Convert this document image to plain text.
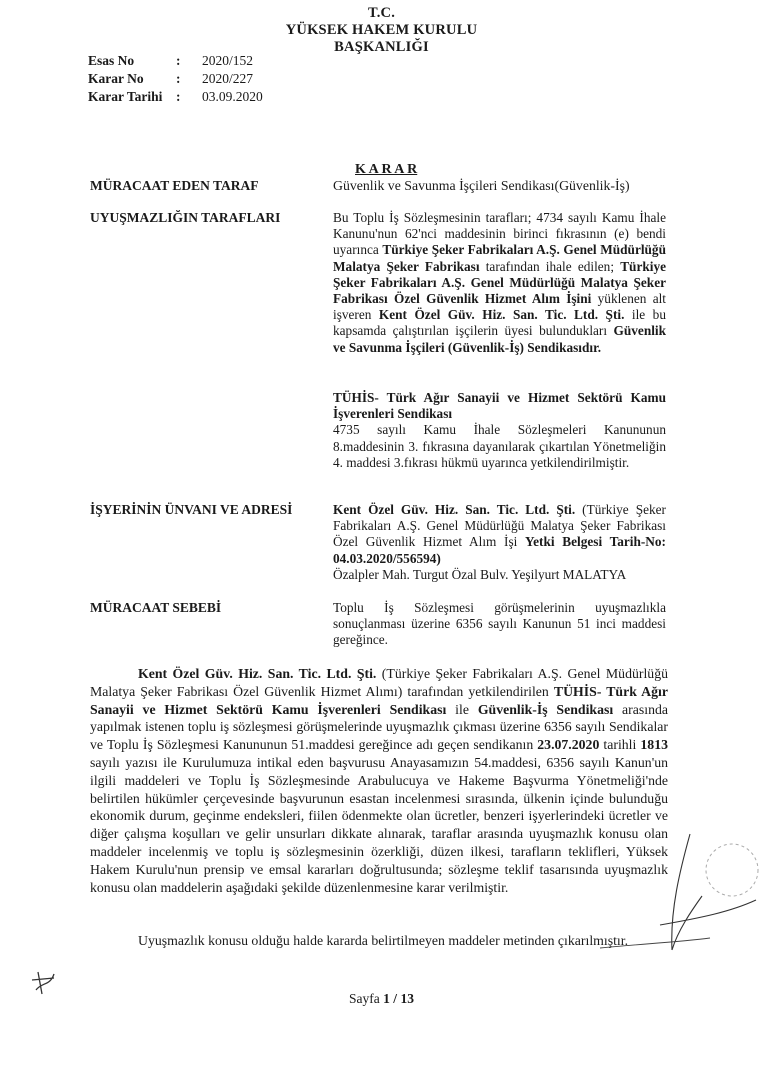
T.C.
YÜKSEK HAKEM KURULU
BAŞKANLIĞI
Esas No	: 2020/152
Karar No : 2020/227
Karar Tarihi : 03.09.2020
K A R A R
MÜRACAAT EDEN TARAF	Güvenlik ve Savunma İşçileri Sendikası(Güvenlik-İş)
UYUŞMAZLIĞIN TARAFLARI	Bu Toplu İş Sözleşmesinin tarafları; 4734 sayılı Kamu İhale Kanunu'nun 62'nci maddesinin birinci fıkrasının (e) bendi uyarınca Türkiye Şeker Fabrikaları A.Ş. Genel Müdürlüğü Malatya Şeker Fabrikası tarafından ihale edilen; Türkiye Şeker Fabrikaları A.Ş. Genel Müdürlüğü Malatya Şeker Fabrikası Özel Güvenlik Hizmet Alım İşini yüklenen alt işveren Kent Özel Güv. Hiz. San. Tic. Ltd. Şti. ile bu kapsamda çalıştırılan işçilerin üyesi bulundukları Güvenlik ve Savunma İşçileri (Güvenlik-İş) Sendikasıdır.
TÜHİS- Türk Ağır Sanayii ve Hizmet Sektörü Kamu İşverenleri Sendikası
4735 sayılı Kamu İhale Sözleşmeleri Kanununun 8.maddesinin 3. fıkrasına dayanılarak çıkartılan Yönetmeliğin 4. maddesi 3.fıkrası hükmü uyarınca yetkilendirilmiştir.
İŞYERİNİN ÜNVANI VE ADRESİ	Kent Özel Güv. Hiz. San. Tic. Ltd. Şti. (Türkiye Şeker Fabrikaları A.Ş. Genel Müdürlüğü Malatya Şeker Fabrikası Özel Güvenlik Hizmet Alım İşi Yetki Belgesi Tarih-No: 04.03.2020/556594)
Özalpler Mah. Turgut Özal Bulv. Yeşilyurt MALATYA
MÜRACAAT SEBEBİ	Toplu İş Sözleşmesi görüşmelerinin uyuşmazlıkla sonuçlanması üzerine 6356 sayılı Kanunun 51 inci maddesi gereğince.
Kent Özel Güv. Hiz. San. Tic. Ltd. Şti. (Türkiye Şeker Fabrikaları A.Ş. Genel Müdürlüğü Malatya Şeker Fabrikası Özel Güvenlik Hizmet Alımı) tarafından yetkilendirilen TÜHİS- Türk Ağır Sanayii ve Hizmet Sektörü Kamu İşverenleri Sendikası ile Güvenlik-İş Sendikası arasında yapılmak istenen toplu iş sözleşmesi görüşmelerinde uyuşmazlık çıkması üzerine 6356 sayılı Sendikalar ve Toplu İş Sözleşmesi Kanununun 51.maddesi gereğince adı geçen sendikanın 23.07.2020 tarihli 1813 sayılı yazısı ile Kurulumuza intikal eden başvurusu Anayasamızın 54.maddesi, 6356 sayılı Kanun'un ilgili maddeleri ve Toplu İş Sözleşmesinde Arabulucuya ve Hakeme Başvurma Yönetmeliği'nde belirtilen hükümler çerçevesinde başvurunun esastan incelenmesi sırasında, ülkenin içinde bulunduğu ekonomik durum, geçinme endeksleri, fiilen ödenmekte olan ücretler, benzeri işyerlerindeki ücretler ve diğer çalışma koşulları ve gelir unsurları dikkate alınarak, taraflar arasında uyuşmazlık konusu olan maddeler incelenmiş ve toplu iş sözleşmesinin özerkliği, düzen ilkesi, tarafların teklifleri, Yüksek Hakem Kurulu'nun prensip ve emsal kararları doğrultusunda; sözleşme teklif tasarısında uyuşmazlık konusu olan maddelerin aşağıdaki şekilde düzenlenmesine karar verilmiştir.
Uyuşmazlık konusu olduğu halde kararda belirtilmeyen maddeler metinden çıkarılmıştır.
Sayfa 1 / 13
